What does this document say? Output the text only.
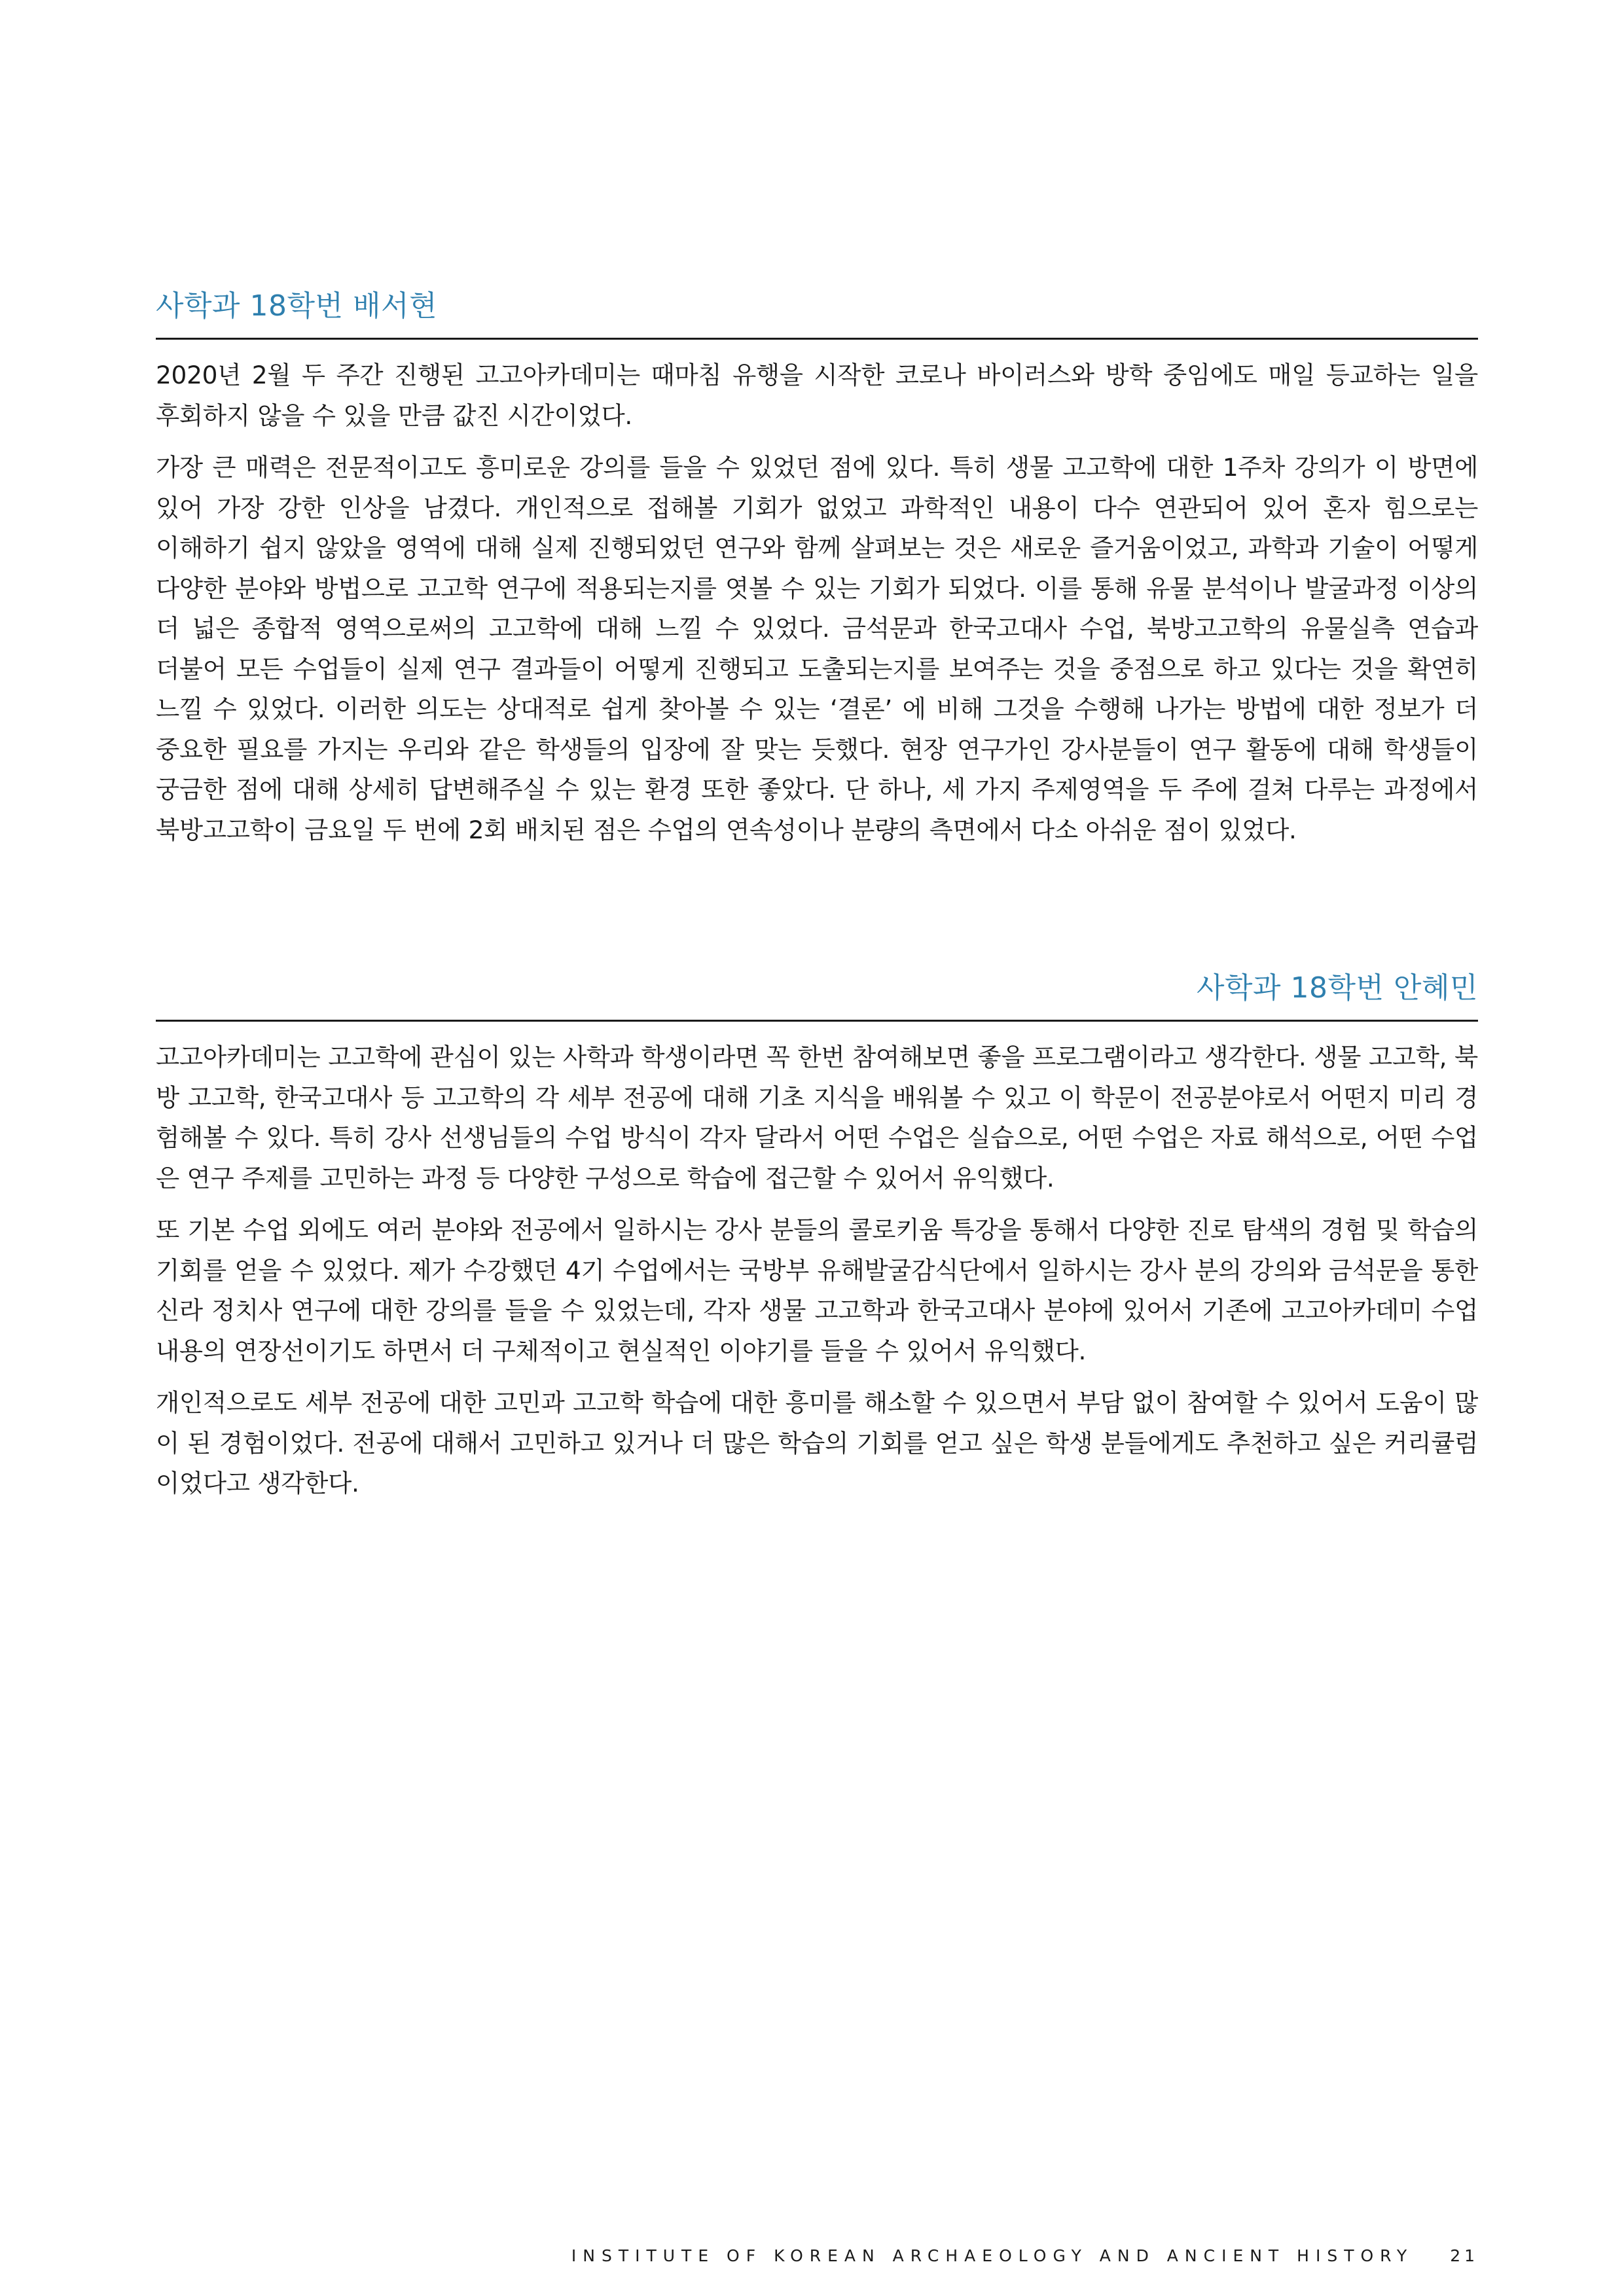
사학과 18학번 배서현

2020년 2월 두 주간 진행된 고고아카데미는 때마침 유행을 시작한 코로나 바이러스와 방학 중임에도 매일 등교하는 일을 후회하지 않을 수 있을 만큼 값진 시간이었다.

가장 큰 매력은 전문적이고도 흥미로운 강의를 들을 수 있었던 점에 있다. 특히 생물 고고학에 대한 1주차 강의가 이 방면에 있어 가장 강한 인상을 남겼다. 개인적으로 접해볼 기회가 없었고 과학적인 내용이 다수 연관되어 있어 혼자 힘으로는 이해하기 쉽지 않았을 영역에 대해 실제 진행되었던 연구와 함께 살펴보는 것은 새로운 즐거움이었고, 과학과 기술이 어떻게 다양한 분야와 방법으로 고고학 연구에 적용되는지를 엿볼 수 있는 기회가 되었다. 이를 통해 유물 분석이나 발굴과정 이상의 더 넓은 종합적 영역으로써의 고고학에 대해 느낄 수 있었다. 금석문과 한국고대사 수업, 북방고고학의 유물실측 연습과 더불어 모든 수업들이 실제 연구 결과들이 어떻게 진행되고 도출되는지를 보여주는 것을 중점으로 하고 있다는 것을 확연히 느낄 수 있었다. 이러한 의도는 상대적로 쉽게 찾아볼 수 있는 ‘결론’ 에 비해 그것을 수행해 나가는 방법에 대한 정보가 더 중요한 필요를 가지는 우리와 같은 학생들의 입장에 잘 맞는 듯했다. 현장 연구가인 강사분들이 연구 활동에 대해 학생들이 궁금한 점에 대해 상세히 답변해주실 수 있는 환경 또한 좋았다. 단 하나, 세 가지 주제영역을 두 주에 걸쳐 다루는 과정에서 북방고고학이 금요일 두 번에 2회 배치된 점은 수업의 연속성이나 분량의 측면에서 다소 아쉬운 점이 있었다.

사학과 18학번 안혜민

고고아카데미는 고고학에 관심이 있는 사학과 학생이라면 꼭 한번 참여해보면 좋을 프로그램이라고 생각한다. 생물 고고학, 북방 고고학, 한국고대사 등 고고학의 각 세부 전공에 대해 기초 지식을 배워볼 수 있고 이 학문이 전공분야로서 어떤지 미리 경험해볼 수 있다. 특히 강사 선생님들의 수업 방식이 각자 달라서 어떤 수업은 실습으로, 어떤 수업은 자료 해석으로, 어떤 수업은 연구 주제를 고민하는 과정 등 다양한 구성으로 학습에 접근할 수 있어서 유익했다.

또 기본 수업 외에도 여러 분야와 전공에서 일하시는 강사 분들의 콜로키움 특강을 통해서 다양한 진로 탐색의 경험 및 학습의 기회를 얻을 수 있었다. 제가 수강했던 4기 수업에서는 국방부 유해발굴감식단에서 일하시는 강사 분의 강의와 금석문을 통한 신라 정치사 연구에 대한 강의를 들을 수 있었는데, 각자 생물 고고학과 한국고대사 분야에 있어서 기존에 고고아카데미 수업 내용의 연장선이기도 하면서 더 구체적이고 현실적인 이야기를 들을 수 있어서 유익했다.

개인적으로도 세부 전공에 대한 고민과 고고학 학습에 대한 흥미를 해소할 수 있으면서 부담 없이 참여할 수 있어서 도움이 많이 된 경험이었다. 전공에 대해서 고민하고 있거나 더 많은 학습의 기회를 얻고 싶은 학생 분들에게도 추천하고 싶은 커리큘럼이었다고 생각한다.

INSTITUTE OF KOREAN ARCHAEOLOGY AND ANCIENT HISTORY 21
